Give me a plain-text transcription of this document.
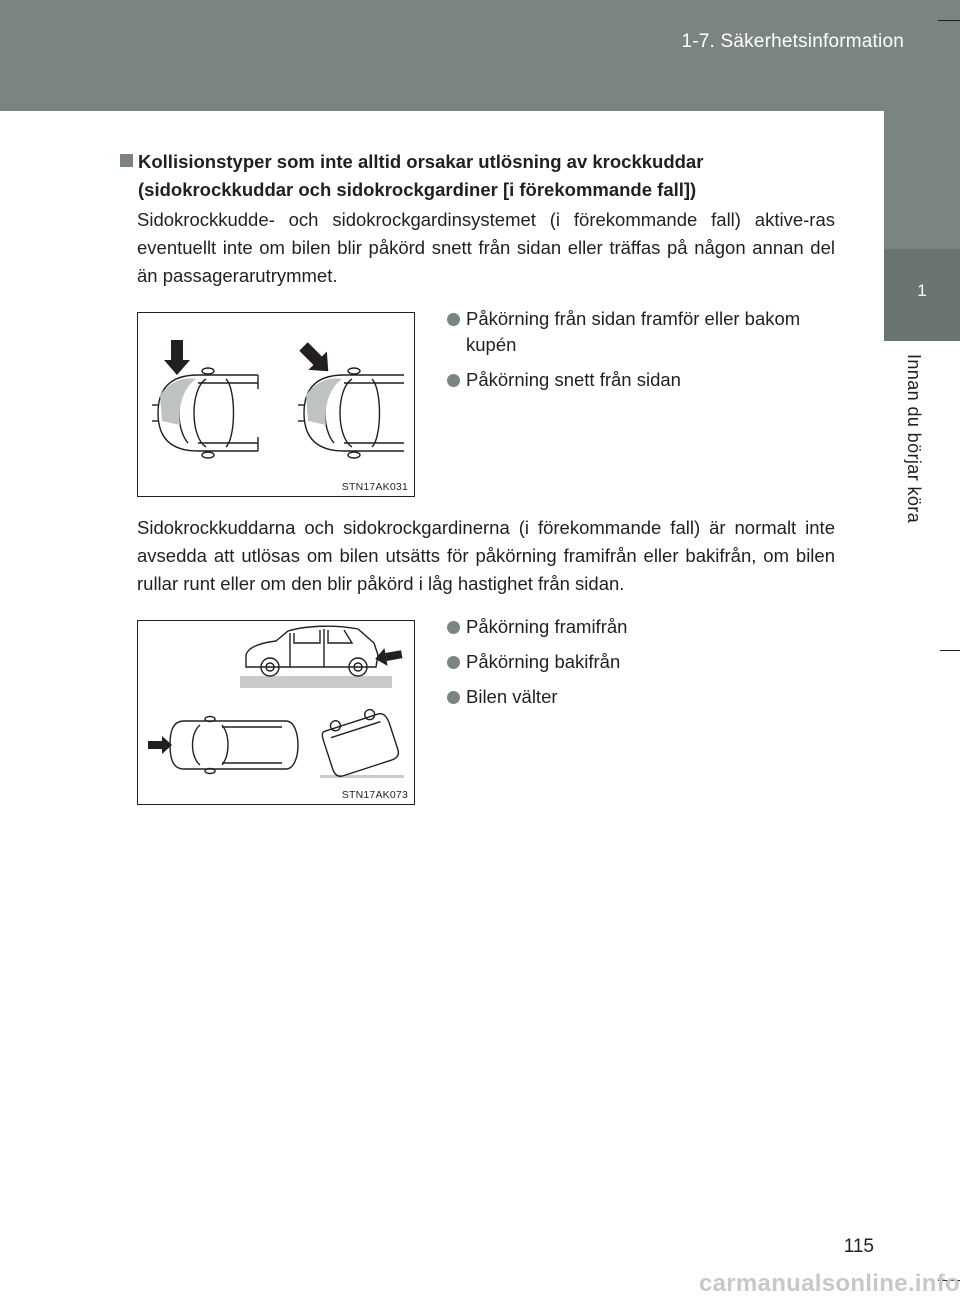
1-7. Säkerhetsinformation
1
Innan du börjar köra
Kollisionstyper som inte alltid orsakar utlösning av krockkuddar (sidokrockkuddar och sidokrockgardiner [i förekommande fall])

Sidokrockkudde- och sidokrockgardinsystemet (i förekommande fall) aktive-ras eventuellt inte om bilen blir påkörd snett från sidan eller träffas på någon annan del än passagerarutrymmet.

STN17AK031
Påkörning från sidan framför eller bakom kupén
Påkörning snett från sidan

Sidokrockkuddarna och sidokrockgardinerna (i förekommande fall) är normalt inte avsedda att utlösas om bilen utsätts för påkörning framifrån eller bakifrån, om bilen rullar runt eller om den blir påkörd i låg hastighet från sidan.

STN17AK073
Påkörning framifrån
Påkörning bakifrån
Bilen välter
115
carmanualsonline.info
